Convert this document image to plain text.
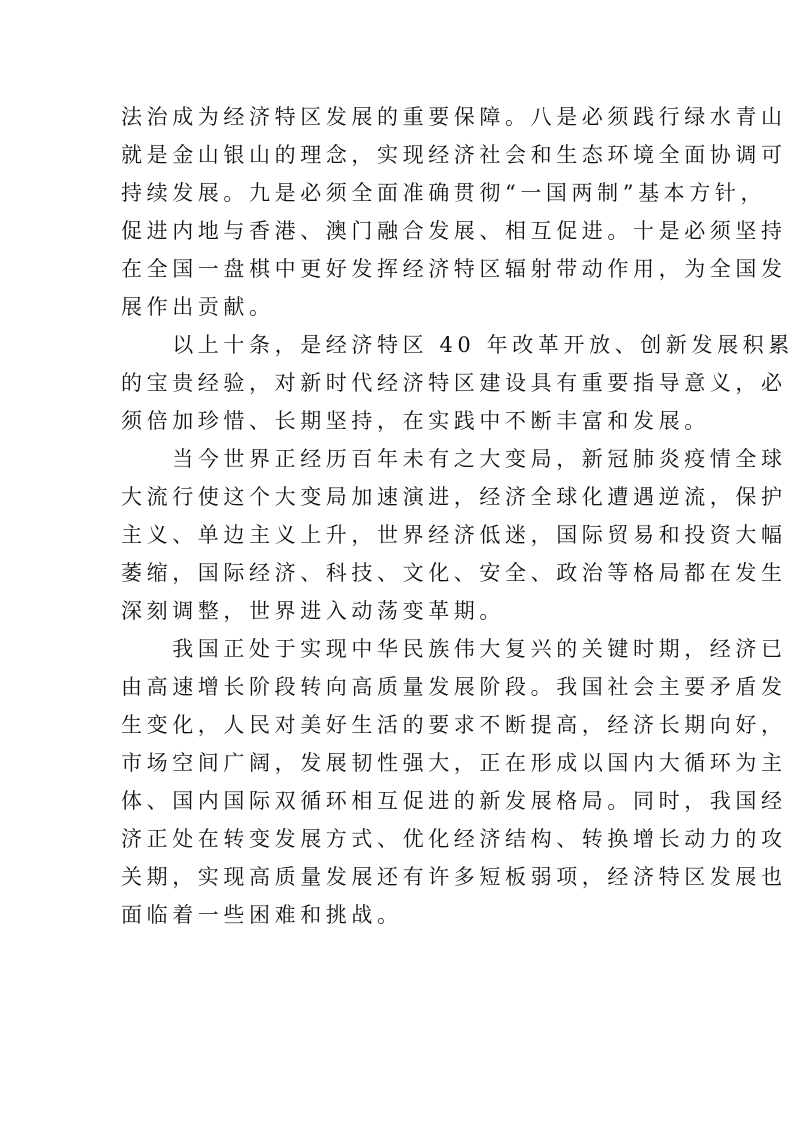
法治成为经济特区发展的重要保障。八是必须践行绿水青山
就是金山银山的理念，实现经济社会和生态环境全面协调可
持续发展。九是必须全面准确贯彻“一国两制”基本方针，
促进内地与香港、澳门融合发展、相互促进。十是必须坚持
在全国一盘棋中更好发挥经济特区辐射带动作用，为全国发
展作出贡献。
　　以上十条，是经济特区 40 年改革开放、创新发展积累
的宝贵经验，对新时代经济特区建设具有重要指导意义，必
须倍加珍惜、长期坚持，在实践中不断丰富和发展。
　　当今世界正经历百年未有之大变局，新冠肺炎疫情全球
大流行使这个大变局加速演进，经济全球化遭遇逆流，保护
主义、单边主义上升，世界经济低迷，国际贸易和投资大幅
萎缩，国际经济、科技、文化、安全、政治等格局都在发生
深刻调整，世界进入动荡变革期。
　　我国正处于实现中华民族伟大复兴的关键时期，经济已
由高速增长阶段转向高质量发展阶段。我国社会主要矛盾发
生变化，人民对美好生活的要求不断提高，经济长期向好，
市场空间广阔，发展韧性强大，正在形成以国内大循环为主
体、国内国际双循环相互促进的新发展格局。同时，我国经
济正处在转变发展方式、优化经济结构、转换增长动力的攻
关期，实现高质量发展还有许多短板弱项，经济特区发展也
面临着一些困难和挑战。
